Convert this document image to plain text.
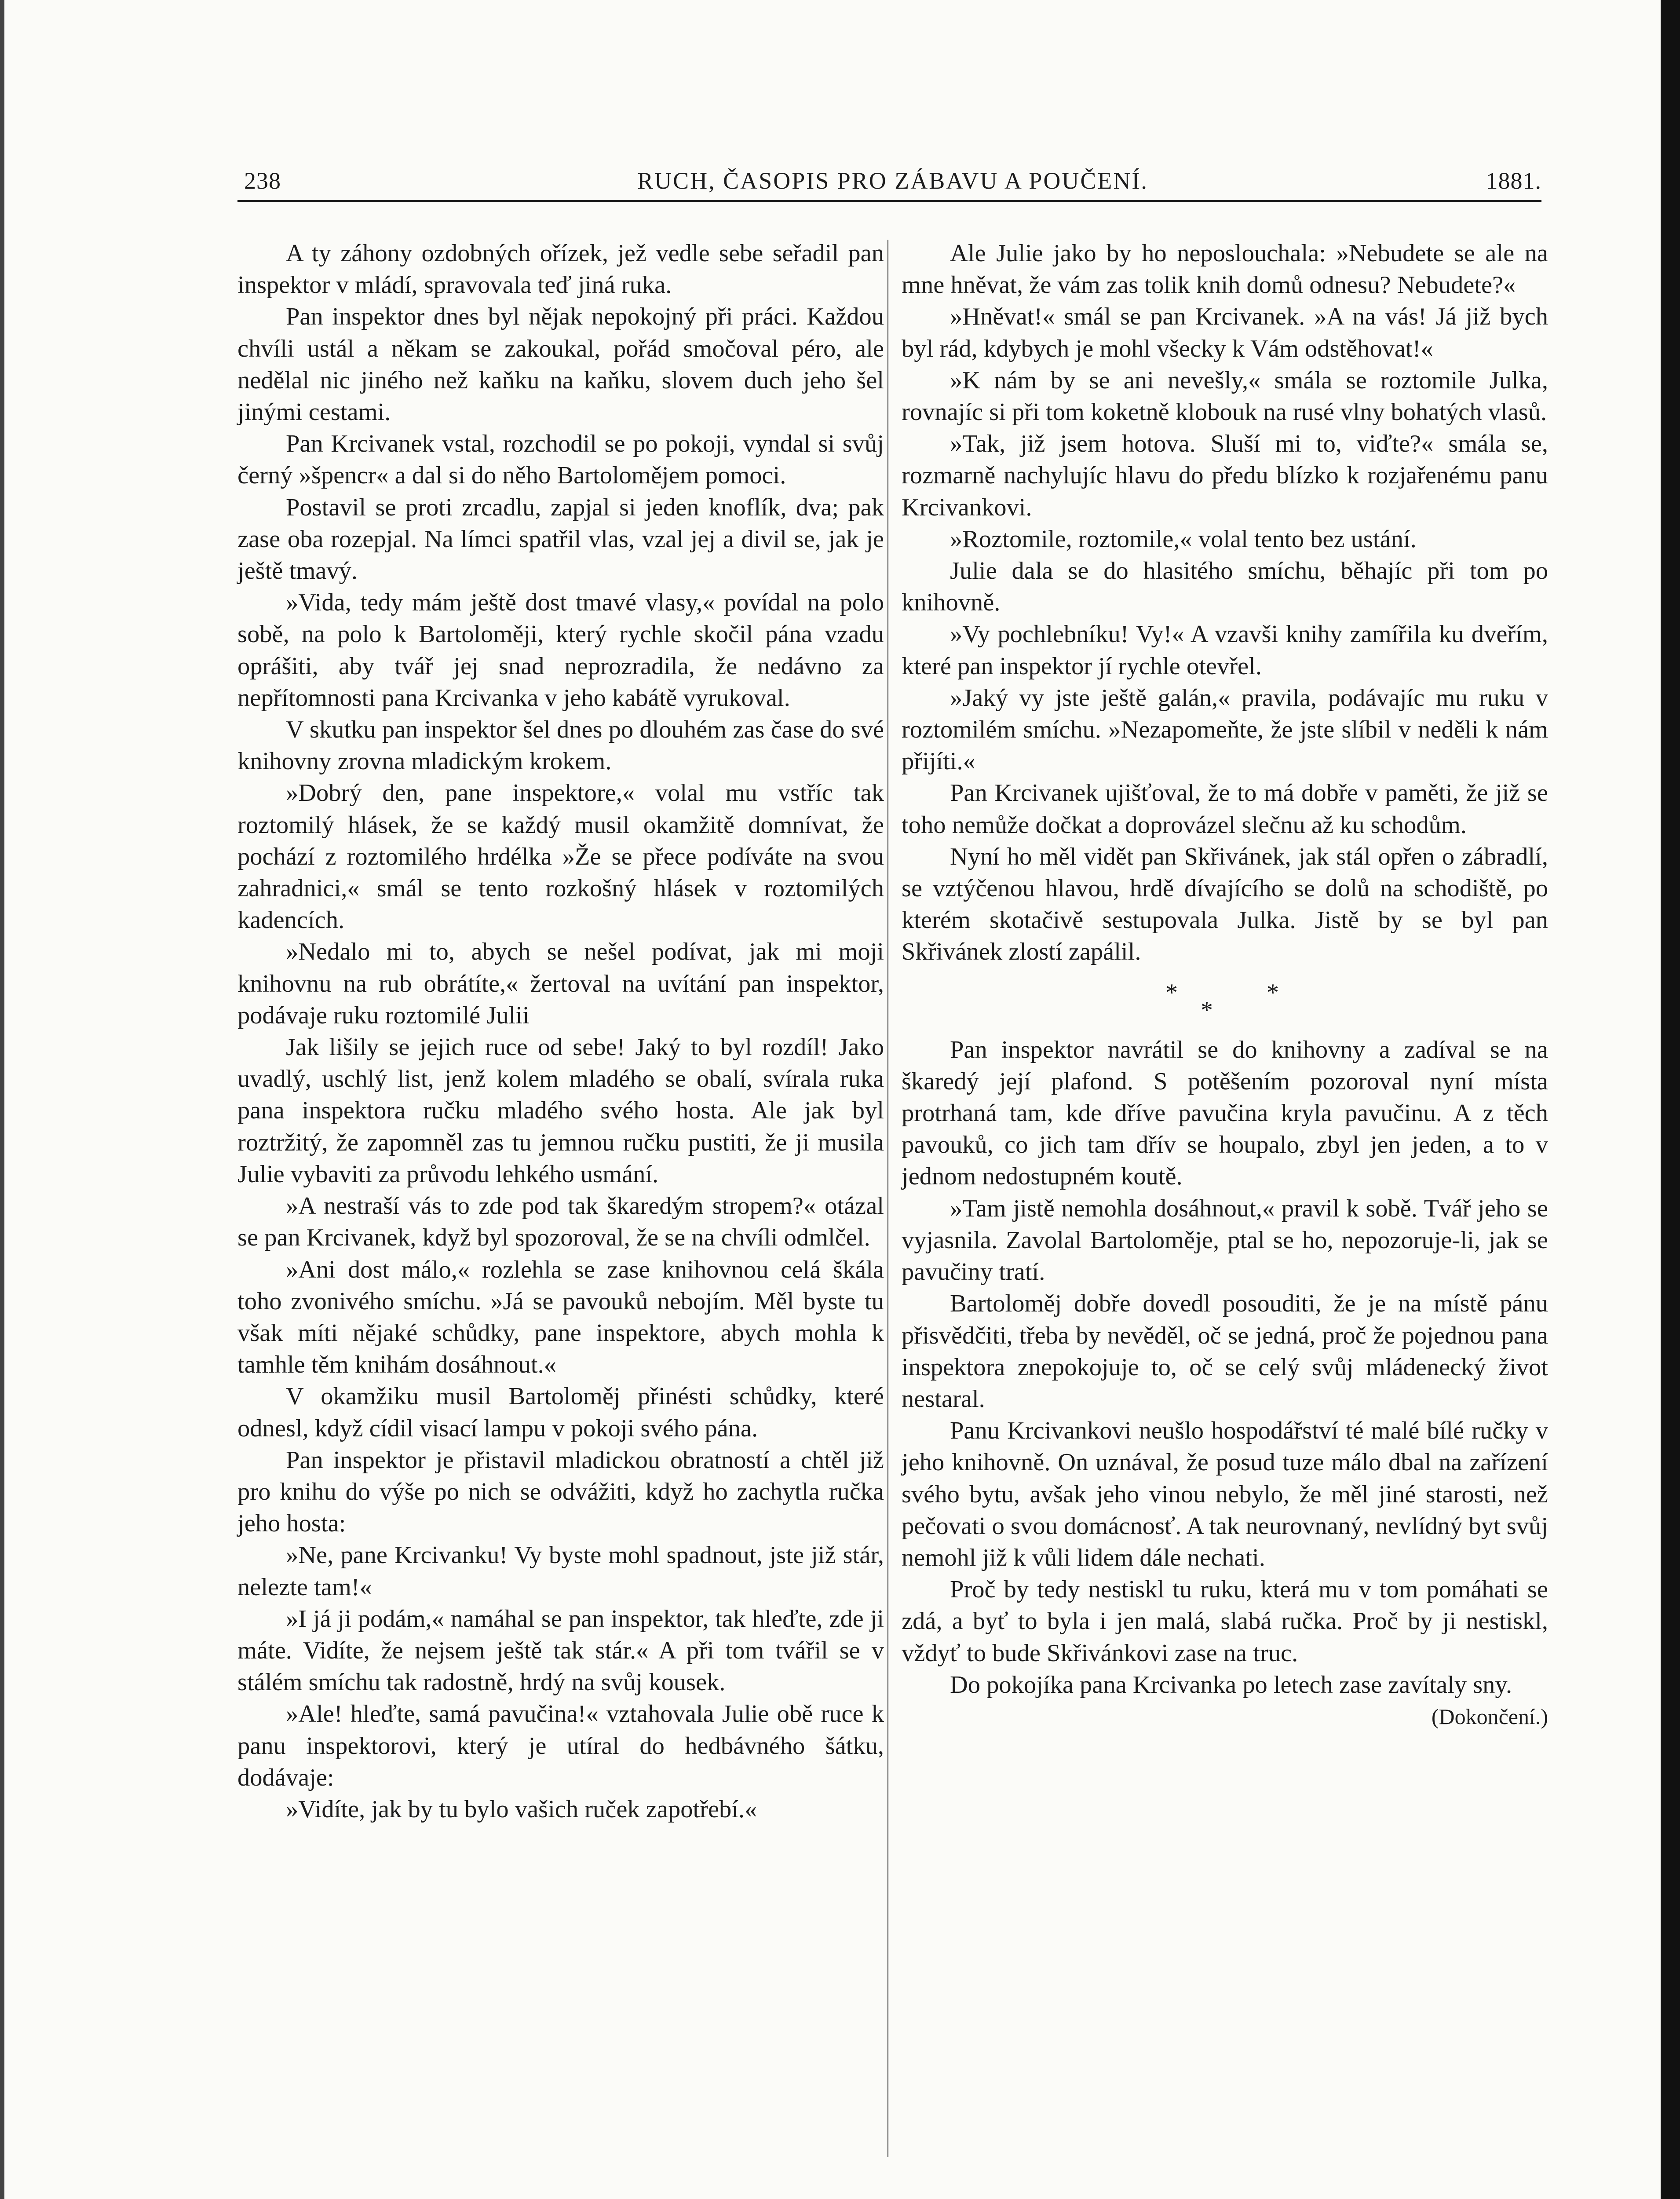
238	RUCH, ČASOPIS PRO ZÁBAVU A POUČENÍ.	1881.

A ty záhony ozdobných ořízek, jež vedle sebe seřadil pan inspektor v mládí, spravovala teď jiná ruka.

Pan inspektor dnes byl nějak nepokojný při práci. Každou chvíli ustál a někam se zakoukal, pořád smočoval péro, ale nedělal nic jiného než kaňku na kaňku, slovem duch jeho šel jinými cestami.

Pan Krcivanek vstal, rozchodil se po pokoji, vyndal si svůj černý »špencr« a dal si do něho Bartolomějem pomoci.

Postavil se proti zrcadlu, zapjal si jeden knoflík, dva; pak zase oba rozepjal. Na límci spatřil vlas, vzal jej a divil se, jak je ještě tmavý.

»Vida, tedy mám ještě dost tmavé vlasy,« povídal na polo sobě, na polo k Bartoloměji, který rychle skočil pána vzadu oprášiti, aby tvář jej snad neprozradila, že nedávno za nepřítomnosti pana Krcivanka v jeho kabátě vyrukoval.

V skutku pan inspektor šel dnes po dlouhém zas čase do své knihovny zrovna mladickým krokem.

»Dobrý den, pane inspektore,« volal mu vstříc tak roztomilý hlásek, že se každý musil okamžitě domnívat, že pochází z roztomilého hrdélka »Že se přece podíváte na svou zahradnici,« smál se tento rozkošný hlásek v roztomilých kadencích.

»Nedalo mi to, abych se nešel podívat, jak mi moji knihovnu na rub obrátíte,« žertoval na uvítání pan inspektor, podávaje ruku roztomilé Julii

Jak lišily se jejich ruce od sebe! Jaký to byl rozdíl! Jako uvadlý, uschlý list, jenž kolem mladého se obalí, svírala ruka pana inspektora ručku mladého svého hosta. Ale jak byl roztržitý, že zapomněl zas tu jemnou ručku pustiti, že ji musila Julie vybaviti za průvodu lehkého usmání.

»A nestraší vás to zde pod tak škaredým stropem?« otázal se pan Krcivanek, když byl spozoroval, že se na chvíli odmlčel.

»Ani dost málo,« rozlehla se zase knihovnou celá škála toho zvonivého smíchu. »Já se pavouků nebojím. Měl byste tu však míti nějaké schůdky, pane inspektore, abych mohla k tamhle těm knihám dosáhnout.«

V okamžiku musil Bartoloměj přinésti schůdky, které odnesl, když cídil visací lampu v pokoji svého pána.

Pan inspektor je přistavil mladickou obratností a chtěl již pro knihu do výše po nich se odvážiti, když ho zachytla ručka jeho hosta:

»Ne, pane Krcivanku! Vy byste mohl spadnout, jste již stár, nelezte tam!«

»I já ji podám,« namáhal se pan inspektor, tak hleďte, zde ji máte. Vidíte, že nejsem ještě tak stár.« A při tom tvářil se v stálém smíchu tak radostně, hrdý na svůj kousek.

»Ale! hleďte, samá pavučina!« vztahovala Julie obě ruce k panu inspektorovi, který je utíral do hedbávného šátku, dodávaje:

»Vidíte, jak by tu bylo vašich ruček zapotřebí.«

Ale Julie jako by ho neposlouchala: »Nebudete se ale na mne hněvat, že vám zas tolik knih domů odnesu? Nebudete?«

»Hněvat!« smál se pan Krcivanek. »A na vás! Já již bych byl rád, kdybych je mohl všecky k Vám odstěhovat!«

»K nám by se ani nevešly,« smála se roztomile Julka, rovnajíc si při tom koketně klobouk na rusé vlny bohatých vlasů.

»Tak, již jsem hotova. Sluší mi to, viďte?« smála se, rozmarně nachylujíc hlavu do předu blízko k rozjařenému panu Krcivankovi.

»Roztomile, roztomile,« volal tento bez ustání.

Julie dala se do hlasitého smíchu, běhajíc při tom po knihovně.

»Vy pochlebníku! Vy!« A vzavši knihy zamířila ku dveřím, které pan inspektor jí rychle otevřel.

»Jaký vy jste ještě galán,« pravila, podávajíc mu ruku v roztomilém smíchu. »Nezapomeňte, že jste slíbil v neděli k nám přijíti.«

Pan Krcivanek ujišťoval, že to má dobře v paměti, že již se toho nemůže dočkat a doprovázel slečnu až ku schodům.

Nyní ho měl vidět pan Skřivánek, jak stál opřen o zábradlí, se vztýčenou hlavou, hrdě dívajícího se dolů na schodiště, po kterém skotačivě sestupovala Julka. Jistě by se byl pan Skřivánek zlostí zapálil.

*
*
*

Pan inspektor navrátil se do knihovny a zadíval se na škaredý její plafond. S potěšením pozoroval nyní místa protrhaná tam, kde dříve pavučina kryla pavučinu. A z těch pavouků, co jich tam dřív se houpalo, zbyl jen jeden, a to v jednom nedostupném koutě.

»Tam jistě nemohla dosáhnout,« pravil k sobě. Tvář jeho se vyjasnila. Zavolal Bartoloměje, ptal se ho, nepozoruje-li, jak se pavučiny tratí.

Bartoloměj dobře dovedl posouditi, že je na místě pánu přisvědčiti, třeba by nevěděl, oč se jedná, proč že pojednou pana inspektora znepokojuje to, oč se celý svůj mládenecký život nestaral.

Panu Krcivankovi neušlo hospodářství té malé bílé ručky v jeho knihovně. On uznával, že posud tuze málo dbal na zařízení svého bytu, avšak jeho vinou nebylo, že měl jiné starosti, než pečovati o svou domácnosť. A tak neurovnaný, nevlídný byt svůj nemohl již k vůli lidem dále nechati.

Proč by tedy nestiskl tu ruku, která mu v tom pomáhati se zdá, a byť to byla i jen malá, slabá ručka. Proč by ji nestiskl, vždyť to bude Skřivánkovi zase na truc.

Do pokojíka pana Krcivanka po letech zase zavítaly sny.

(Dokončení.)
